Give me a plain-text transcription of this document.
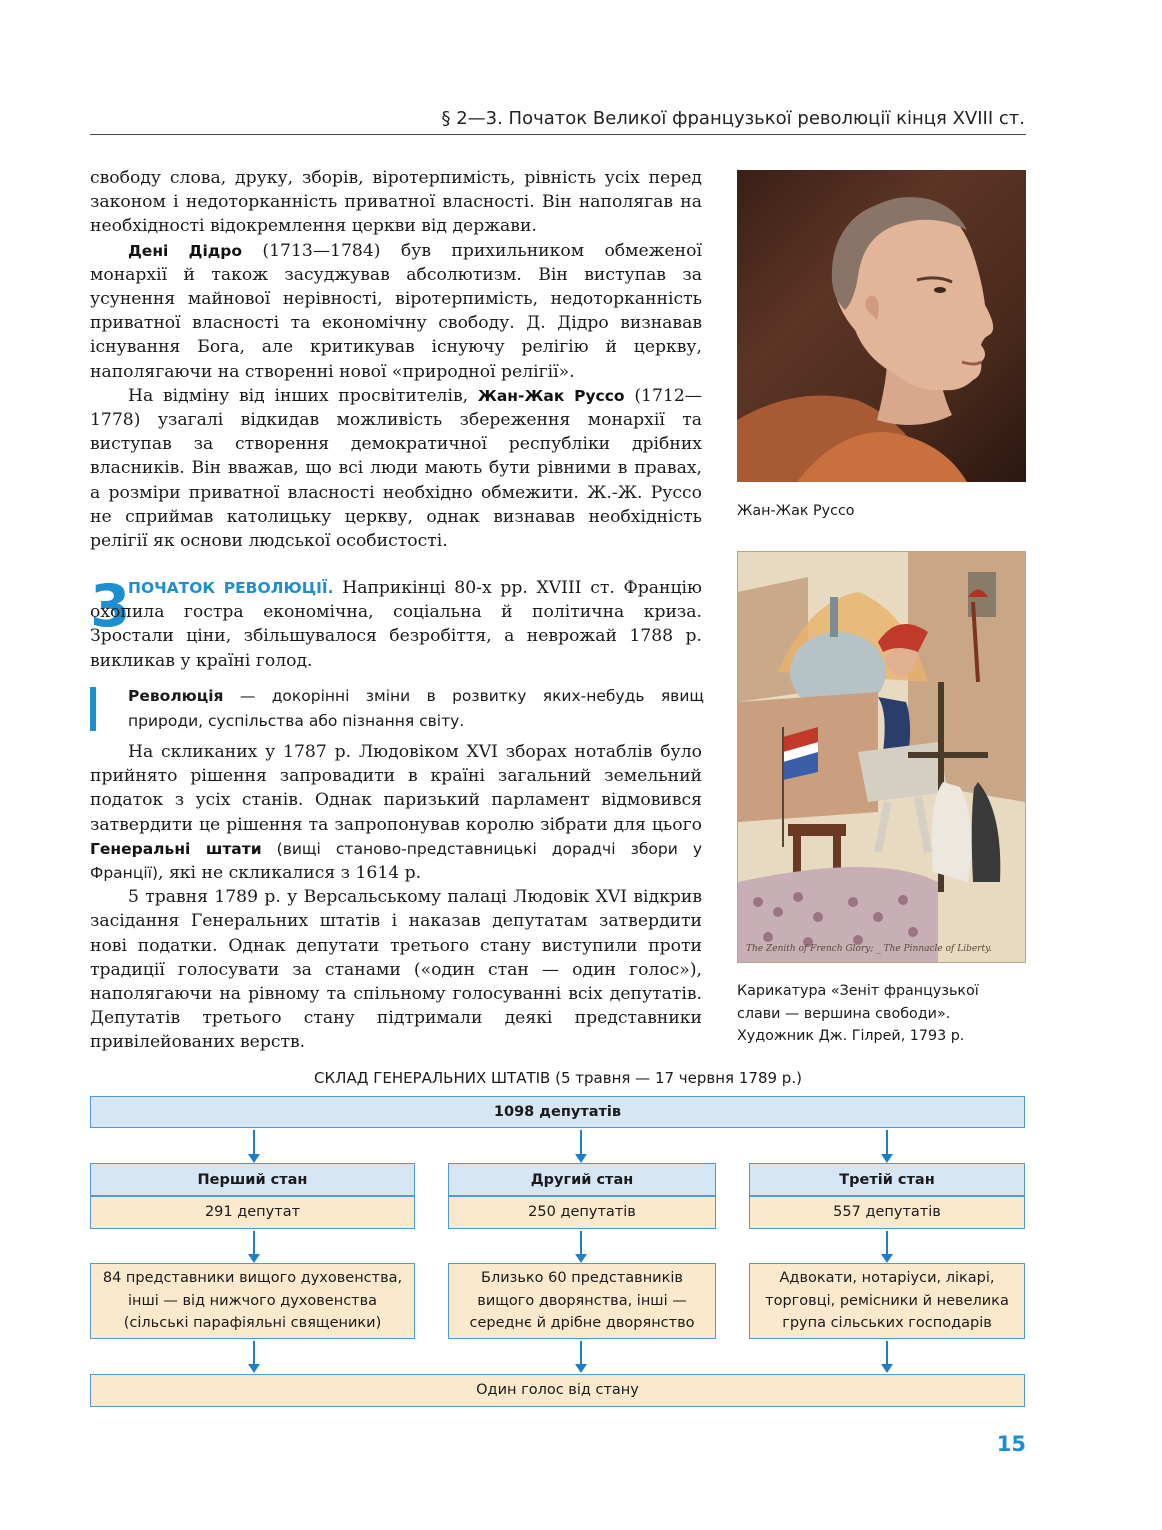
§ 2—3. Початок Великої французької революції кінця XVIII ст.

свободу слова, друку, зборів, віротерпимість, рівність усіх перед законом і недоторканність приватної власності. Він наполягав на необхідності відокремлення церкви від держави.

Дені Дідро (1713—1784) був прихильником обмеженої монархії й також засуджував абсолютизм. Він виступав за усунення майнової нерівності, віротерпимість, недоторканність приватної власності та економічну свободу. Д. Дідро визнавав існування Бога, але критикував існуючу релігію й церкву, наполягаючи на створенні нової «природної релігії».

На відміну від інших просвітителів, Жан-Жак Руссо (1712—1778) узагалі відкидав можливість збереження монархії та виступав за створення демократичної республіки дрібних власників. Він вважав, що всі люди мають бути рівними в правах, а розміри приватної власності необхідно обмежити. Ж.-Ж. Руссо не сприймав католицьку церкву, однак визнавав необхідність релігії як основи людської особистості.

3

ПОЧАТОК РЕВОЛЮЦІЇ. Наприкінці 80-х рр. XVIII ст. Францію охопила гостра економічна, соціальна й політична криза. Зростали ціни, збільшувалося безробіття, а неврожай 1788 р. викликав у країні голод.

Революція — докорінні зміни в розвитку яких-небудь явищ природи, суспільства або пізнання світу.

На скликаних у 1787 р. Людовіком XVI зборах нотаблів було прийнято рішення запровадити в країні загальний земельний податок з усіх станів. Однак паризький парламент відмовився затвердити це рішення та запропонував королю зібрати для цього Генеральні штати (вищі станово-представницькі дорадчі збори у Франції), які не скликалися з 1614 р.

5 травня 1789 р. у Версальському палаці Людовік XVI відкрив засідання Генеральних штатів і наказав депутатам затвердити нові податки. Однак депутати третього стану виступили проти традиції голосувати за станами («один стан — один голос»), наполягаючи на рівному та спільному голосуванні всіх депутатів. Депутатів третього стану підтримали деякі представники привілейованих верств.

Жан-Жак Руссо
The Zenith of French Glory; _ The Pinnacle of Liberty.
Карикатура «Зеніт французької слави — вершина свободи». Художник Дж. Гілрей, 1793 р.
СКЛАД ГЕНЕРАЛЬНИХ ШТАТІВ (5 травня — 17 червня 1789 р.)
1098 депутатів
Перший стан
291 депутат
Другий стан
250 депутатів
Третій стан
557 депутатів
84 представники вищого духовенства, інші — від нижчого духовенства (сільські парафіяльні священики)
Близько 60 представників вищого дворянства, інші — середнє й дрібне дворянство
Адвокати, нотаріуси, лікарі, торговці, ремісники й невелика група сільських господарів
Один голос від стану
15
